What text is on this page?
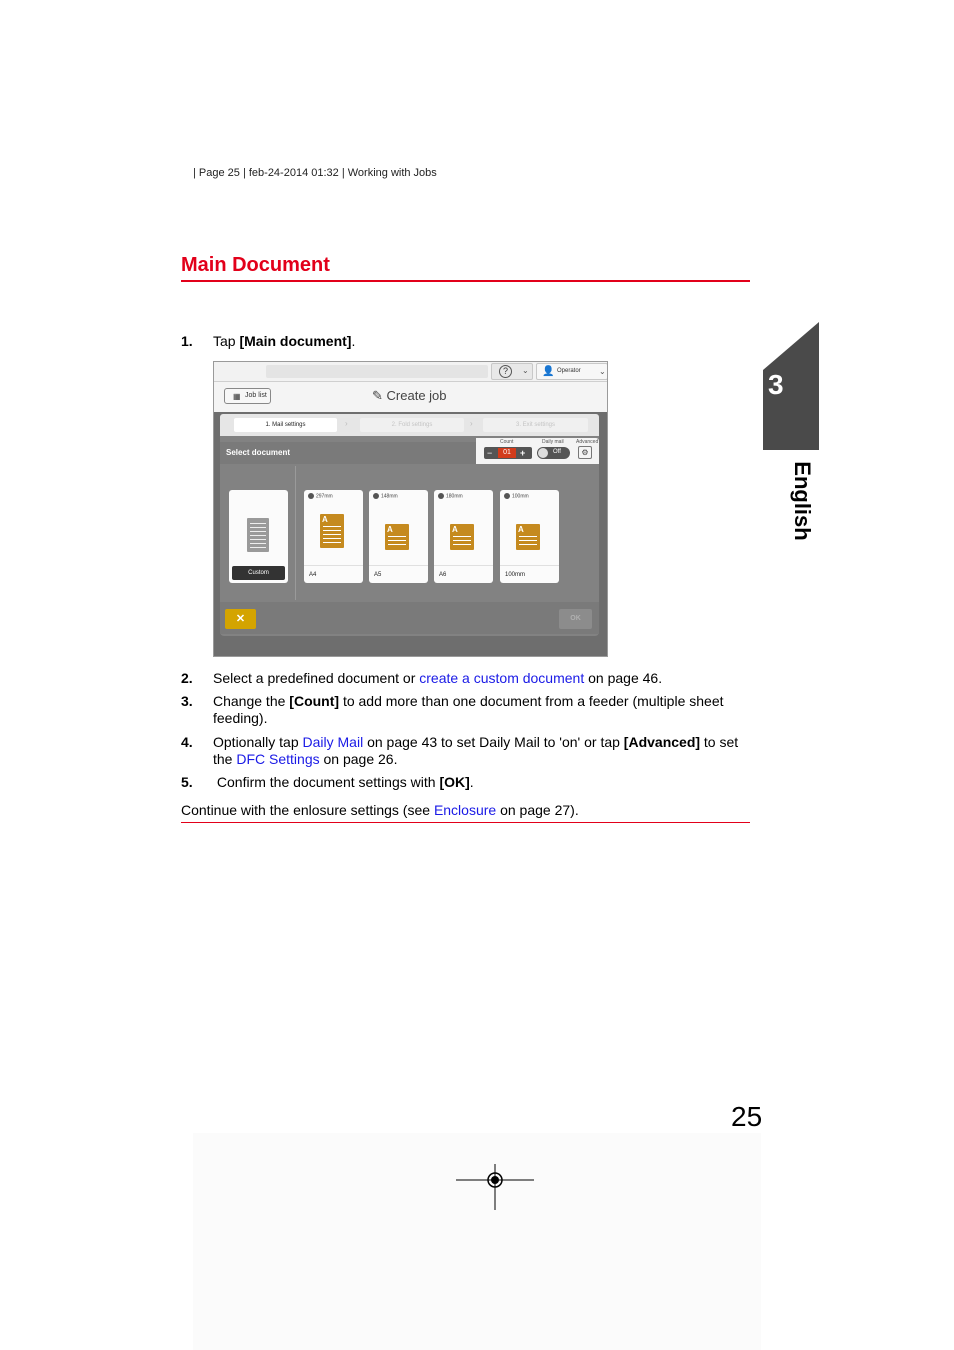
| Page 25 | feb-24-2014 01:32 | Working with Jobs
Main Document
1.	Tap [Main document].
?	⌄ 👤 Operator ⌄
▦ Job list	✎ Create job
1. Mail settings	›	2. Fold settings	›	3. Exit settings
Select document
Count	Daily mail Advanced
−	01	+	Off	⚙
Custom
297mm
A
A4
148mm
A
A5
180mm
A
A6
100mm
A
100mm
✕	OK
2.	Select a predefined document or create a custom document on page 46.
3.	Change the [Count] to add more than one document from a feeder (multiple sheet feeding).
4.	Optionally tap Daily Mail on page 43 to set Daily Mail to 'on' or tap [Advanced] to set the DFC Settings on page 26.
5.	Confirm the document settings with [OK].
Continue with the enlosure settings (see Enclosure on page 27).
3
English
25
